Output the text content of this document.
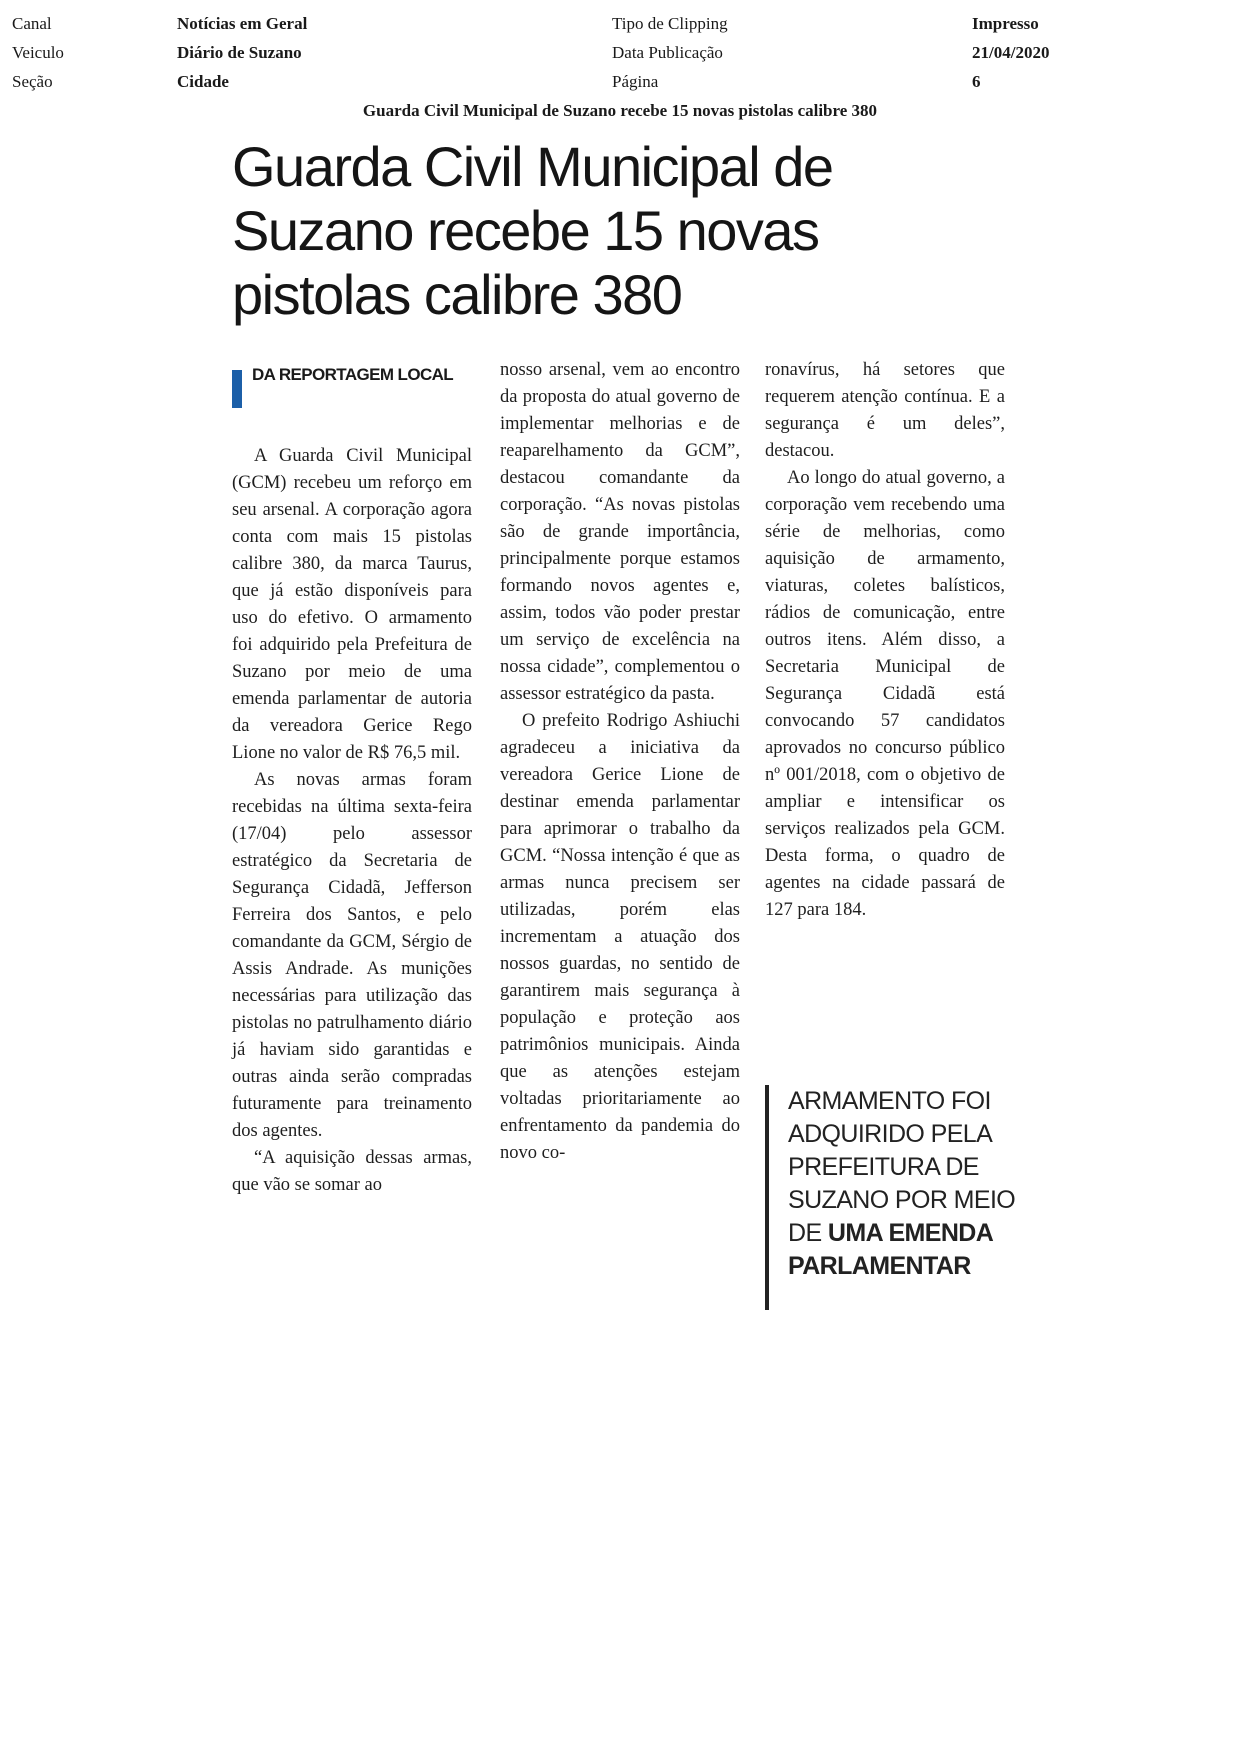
Canal	Notícias em Geral	Tipo de Clipping	Impresso
Veiculo	Diário de Suzano	Data Publicação	21/04/2020
Seção	Cidade	Página	6
Guarda Civil Municipal de Suzano recebe 15 novas pistolas calibre 380
Guarda Civil Municipal de Suzano recebe 15 novas pistolas calibre 380
DA REPORTAGEM LOCAL

A Guarda Civil Municipal (GCM) recebeu um reforço em seu arsenal. A corporação agora conta com mais 15 pistolas calibre 380, da marca Taurus, que já estão disponíveis para uso do efetivo. O armamento foi adquirido pela Prefeitura de Suzano por meio de uma emenda parlamentar de autoria da vereadora Gerice Rego Lione no valor de R$ 76,5 mil.

As novas armas foram recebidas na última sexta-feira (17/04) pelo assessor estratégico da Secretaria de Segurança Cidadã, Jefferson Ferreira dos Santos, e pelo comandante da GCM, Sérgio de Assis Andrade. As munições necessárias para utilização das pistolas no patrulhamento diário já haviam sido garantidas e outras ainda serão compradas futuramente para treinamento dos agentes.

“A aquisição dessas armas, que vão se somar ao

nosso arsenal, vem ao encontro da proposta do atual governo de implementar melhorias e de reaparelhamento da GCM”, destacou comandante da corporação. “As novas pistolas são de grande importância, principalmente porque estamos formando novos agentes e, assim, todos vão poder prestar um serviço de excelência na nossa cidade”, complementou o assessor estratégico da pasta.

O prefeito Rodrigo Ashiuchi agradeceu a iniciativa da vereadora Gerice Lione de destinar emenda parlamentar para aprimorar o trabalho da GCM. “Nossa intenção é que as armas nunca precisem ser utilizadas, porém elas incrementam a atuação dos nossos guardas, no sentido de garantirem mais segurança à população e proteção aos patrimônios municipais. Ainda que as atenções estejam voltadas prioritariamente ao enfrentamento da pandemia do novo co-

ronavírus, há setores que requerem atenção contínua. E a segurança é um deles”, destacou.

Ao longo do atual governo, a corporação vem recebendo uma série de melhorias, como aquisição de armamento, viaturas, coletes balísticos, rádios de comunicação, entre outros itens. Além disso, a Secretaria Municipal de Segurança Cidadã está convocando 57 candidatos aprovados no concurso público nº 001/2018, com o objetivo de ampliar e intensificar os serviços realizados pela GCM. Desta forma, o quadro de agentes na cidade passará de 127 para 184.

ARMAMENTO FOI ADQUIRIDO PELA PREFEITURA DE SUZANO POR MEIO DE UMA EMENDA PARLAMENTAR
